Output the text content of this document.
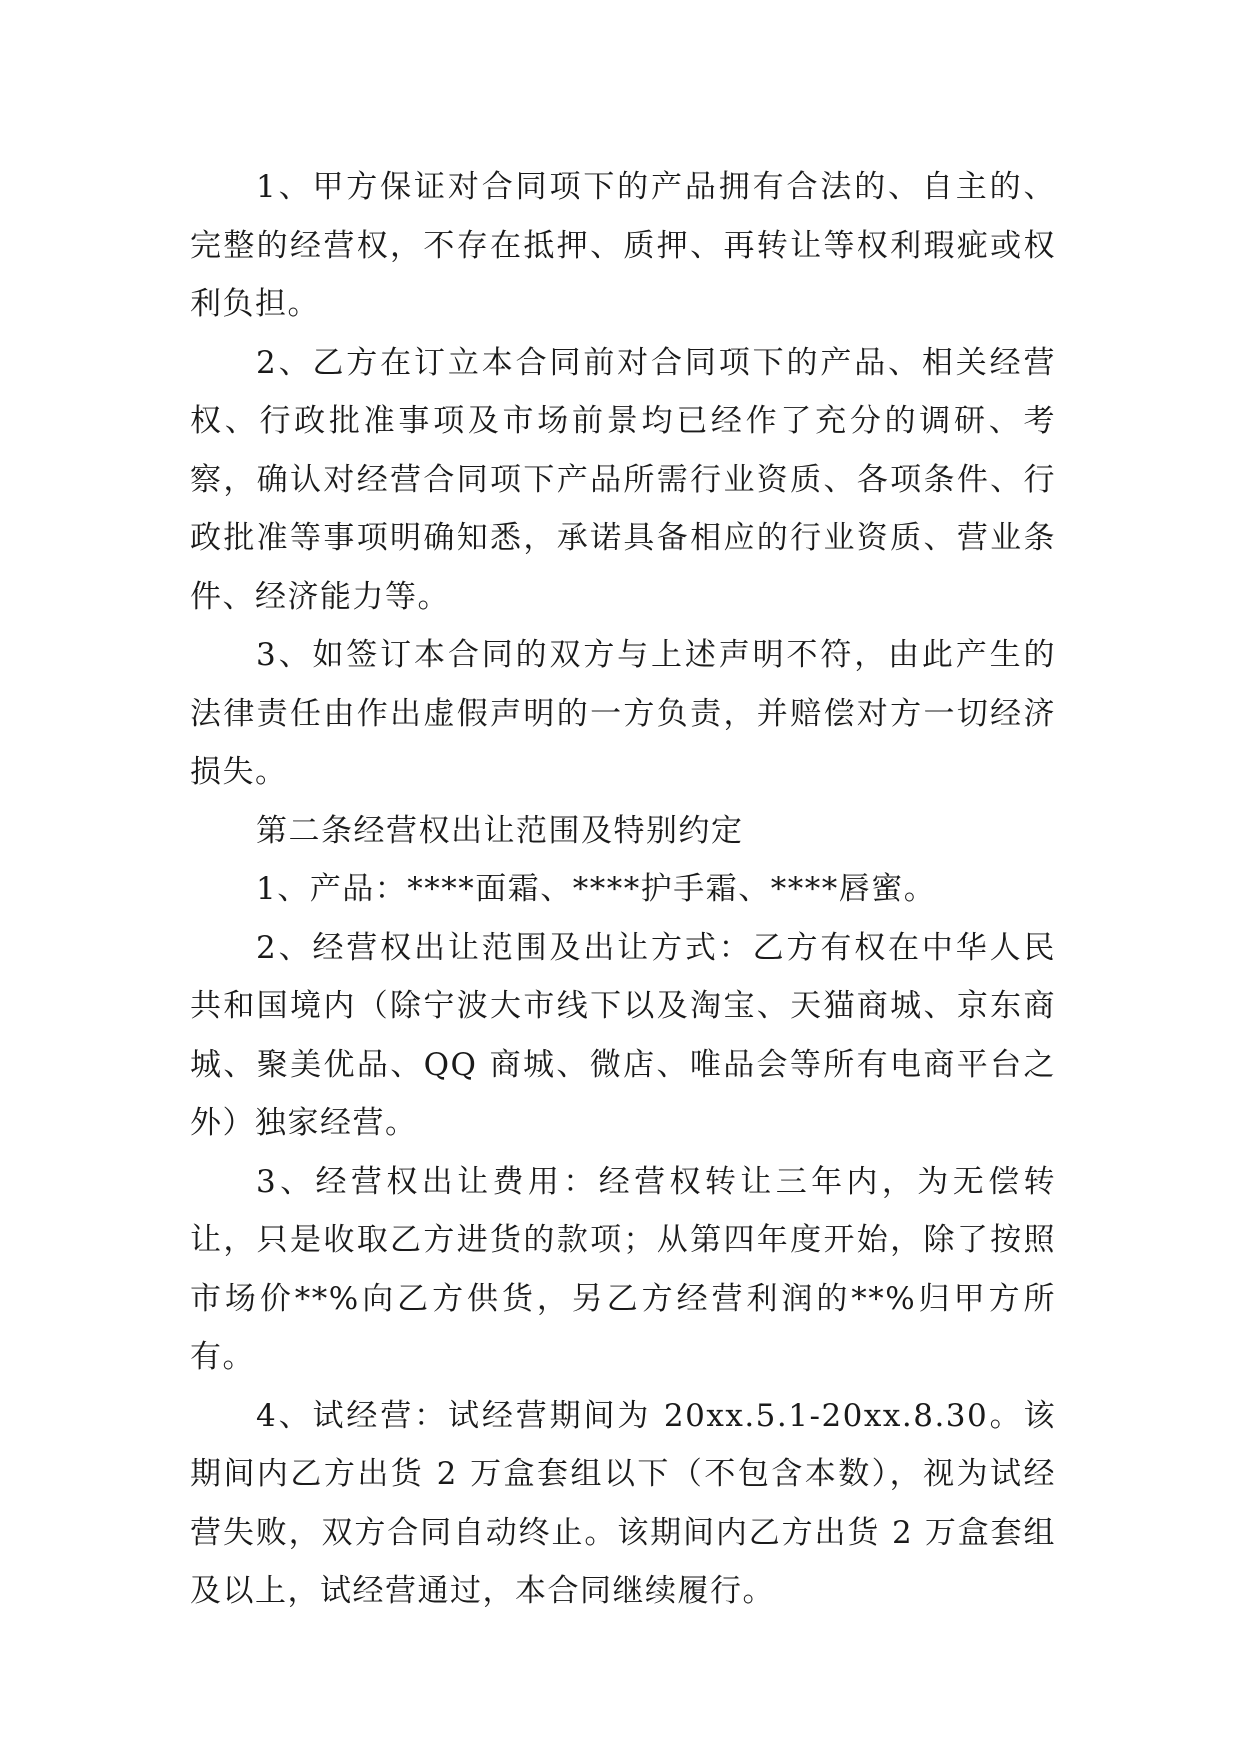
1、甲方保证对合同项下的产品拥有合法的、自主的、完整的经营权，不存在抵押、质押、再转让等权利瑕疵或权利负担。

2、乙方在订立本合同前对合同项下的产品、相关经营权、行政批准事项及市场前景均已经作了充分的调研、考察，确认对经营合同项下产品所需行业资质、各项条件、行政批准等事项明确知悉，承诺具备相应的行业资质、营业条件、经济能力等。

3、如签订本合同的双方与上述声明不符，由此产生的法律责任由作出虚假声明的一方负责，并赔偿对方一切经济损失。

第二条经营权出让范围及特别约定

1、产品：****面霜、****护手霜、****唇蜜。

2、经营权出让范围及出让方式：乙方有权在中华人民共和国境内（除宁波大市线下以及淘宝、天猫商城、京东商城、聚美优品、QQ 商城、微店、唯品会等所有电商平台之外）独家经营。

3、经营权出让费用：经营权转让三年内，为无偿转让，只是收取乙方进货的款项；从第四年度开始，除了按照市场价**%向乙方供货，另乙方经营利润的**%归甲方所有。

4、试经营：试经营期间为 20xx.5.1-20xx.8.30。该期间内乙方出货 2 万盒套组以下（不包含本数），视为试经营失败，双方合同自动终止。该期间内乙方出货 2 万盒套组及以上，试经营通过，本合同继续履行。
